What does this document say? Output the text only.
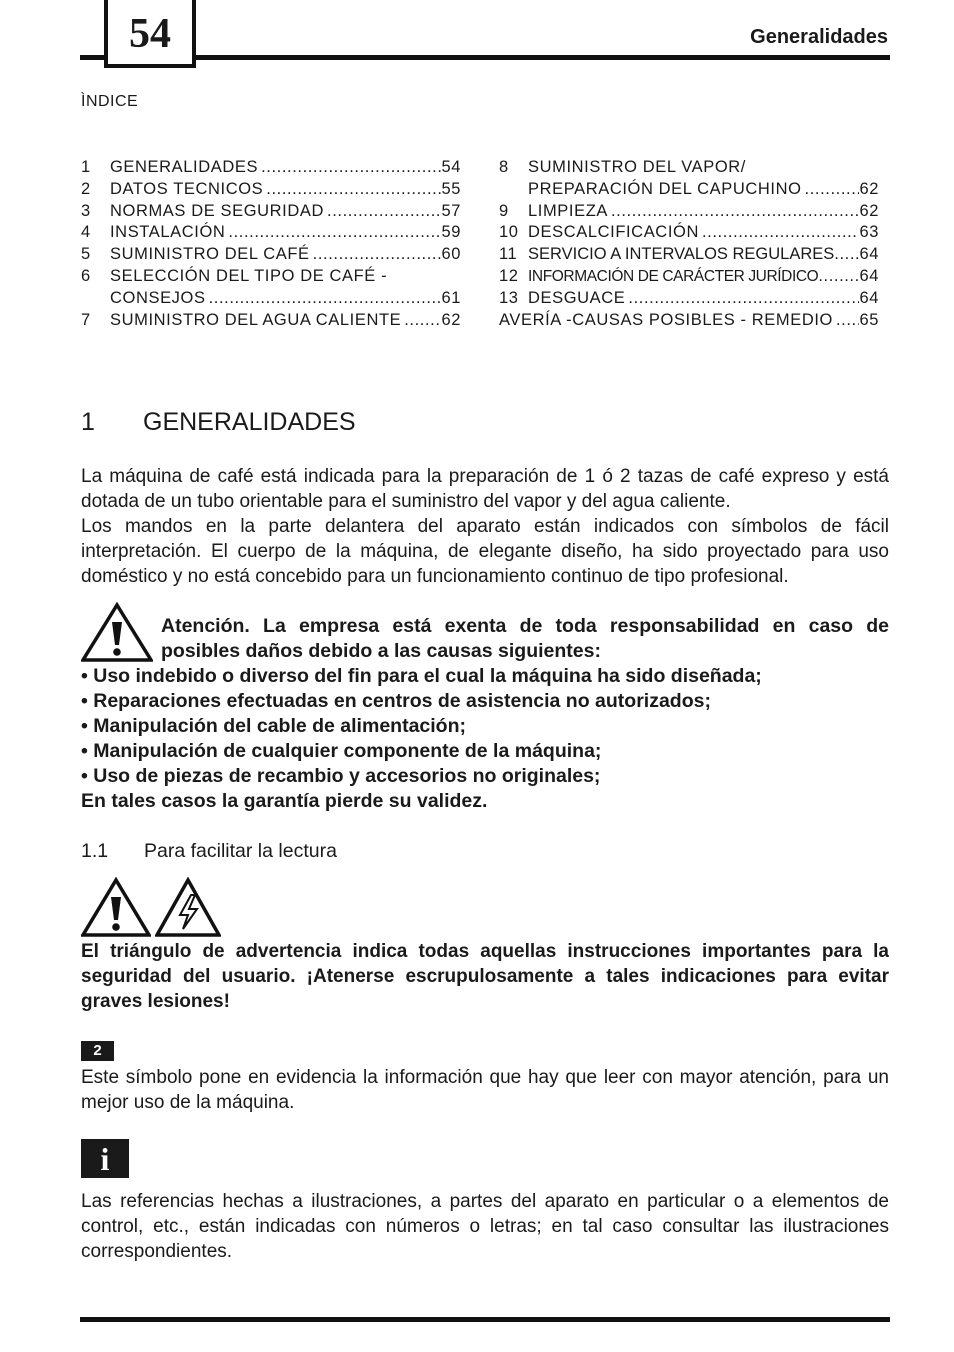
54	Generalidades
ÌNDICE
1	GENERALIDADES .....	54
2	DATOS TECNICOS .....	55
3	NORMAS DE SEGURIDAD .....	57
4	INSTALACIÓN .....	59
5	SUMINISTRO DEL CAFÉ .....	60
6	SELECCIÓN DEL TIPO DE CAFÉ -
CONSEJOS .....	61
7	SUMINISTRO DEL AGUA CALIENTE ..... 62
8	SUMINISTRO DEL VAPOR/
PREPARACIÓN DEL CAPUCHINO .....	62
9	LIMPIEZA .....	62
10 DESCALCIFICACIÓN .....	63
11 SERVICIO A INTERVALOS REGULARES ..... 64
12 INFORMACIÓN DE CARÁCTER JURÍDICO ..... 64
13 DESGUACE .....	64
AVERÍA -CAUSAS POSIBLES - REMEDIO ..... 65
1 GENERALIDADES
La máquina de café está indicada para la preparación de 1 ó 2 tazas de café expreso y está dotada de un tubo orientable para el suministro del vapor y del agua caliente.
Los mandos en la parte delantera del aparato están indicados con símbolos de fácil interpretación. El cuerpo de la máquina, de elegante diseño, ha sido proyectado para uso doméstico y no está concebido para un funcionamiento continuo de tipo profesional.
Atención. La empresa está exenta de toda responsabilidad en caso de posibles daños debido a las causas siguientes:
• Uso indebido o diverso del fin para el cual la máquina ha sido diseñada;
• Reparaciones efectuadas en centros de asistencia no autorizados;
• Manipulación del cable de alimentación;
• Manipulación de cualquier componente de la máquina;
• Uso de piezas de recambio y accesorios no originales;
En tales casos la garantía pierde su validez.
1.1 Para facilitar la lectura
El triángulo de advertencia indica todas aquellas instrucciones importantes para la seguridad del usuario. ¡Atenerse escrupulosamente a tales indicaciones para evitar graves lesiones!
2
Este símbolo pone en evidencia la información que hay que leer con mayor atención, para un mejor uso de la máquina.
i
Las referencias hechas a ilustraciones, a partes del aparato en particular o a elementos de control, etc., están indicadas con números o letras; en tal caso consultar las ilustraciones correspondientes.
